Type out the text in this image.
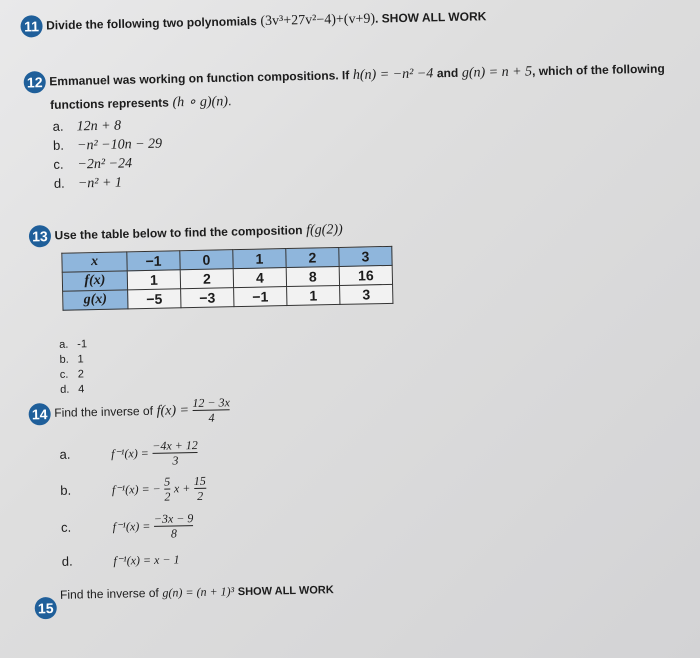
11 Divide the following two polynomials (3v³+27v²−4)+(v+9). SHOW ALL WORK
12 Emmanuel was working on function compositions. If h(n) = −n² −4 and g(n) = n + 5, which of the following
functions represents (h ∘ g)(n).
a. 12n + 8
b. −n² −10n − 29
c. −2n² −24
d. −n² + 1
13 Use the table below to find the composition f(g(2))
x	−1	0	1	2	3
f(x)	1	2	4	8	16
g(x)	−5	−3	−1	1	3
a. -1
b. 1
c. 2
d. 4
14 Find the inverse of $f(x) = \frac{12 - 3x}{4}$
a.	$f^{-1}(x) = \frac{-4x + 12}{3}$
b.	f⁻¹(x) = − $\frac{5}{2}$ $x + \frac{15}{2}$
c.	$f^{-1}(x) = \frac{-3x - 9}{8}$
d.	f⁻¹(x) = x − 1
15 Find the inverse of g(n) = (n + 1)³ $^{SHOW ALL WORK}$
